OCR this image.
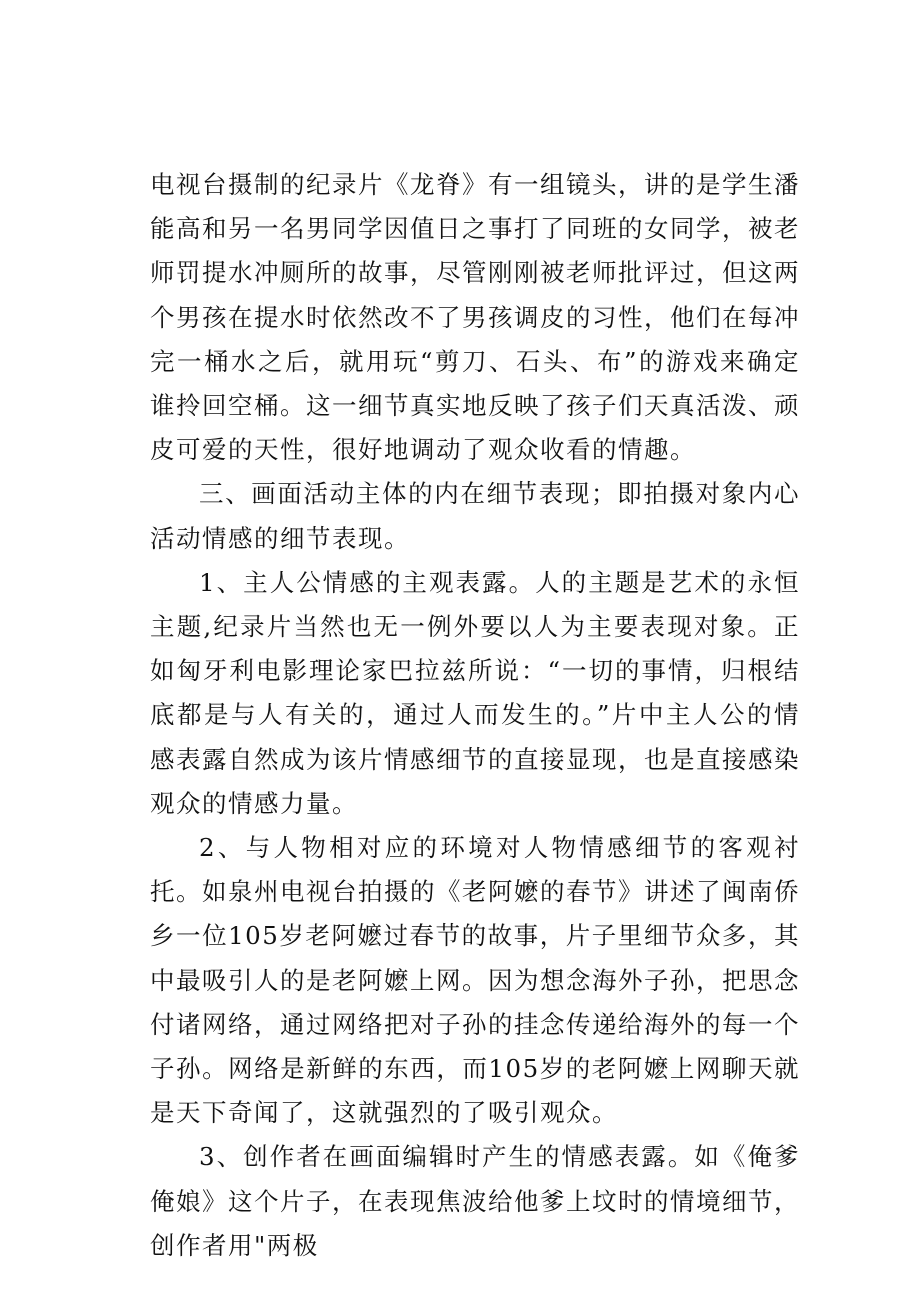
电视台摄制的纪录片《龙脊》有一组镜头，讲的是学生潘能高和另一名男同学因值日之事打了同班的女同学，被老师罚提水冲厕所的故事，尽管刚刚被老师批评过，但这两个男孩在提水时依然改不了男孩调皮的习性，他们在每冲完一桶水之后，就用玩“剪刀、石头、布”的游戏来确定谁拎回空桶。这一细节真实地反映了孩子们天真活泼、顽皮可爱的天性，很好地调动了观众收看的情趣。

三、画面活动主体的内在细节表现；即拍摄对象内心活动情感的细节表现。

1、主人公情感的主观表露。人的主题是艺术的永恒主题,纪录片当然也无一例外要以人为主要表现对象。正如匈牙利电影理论家巴拉兹所说：“一切的事情，归根结底都是与人有关的，通过人而发生的。”片中主人公的情感表露自然成为该片情感细节的直接显现，也是直接感染观众的情感力量。

2、与人物相对应的环境对人物情感细节的客观衬托。如泉州电视台拍摄的《老阿嬷的春节》讲述了闽南侨乡一位105岁老阿嬷过春节的故事，片子里细节众多，其中最吸引人的是老阿嬷上网。因为想念海外子孙，把思念付诸网络，通过网络把对子孙的挂念传递给海外的每一个子孙。网络是新鲜的东西，而105岁的老阿嬷上网聊天就是天下奇闻了，这就强烈的了吸引观众。

3、创作者在画面编辑时产生的情感表露。如《俺爹俺娘》这个片子，在表现焦波给他爹上坟时的情境细节，创作者用"两极
